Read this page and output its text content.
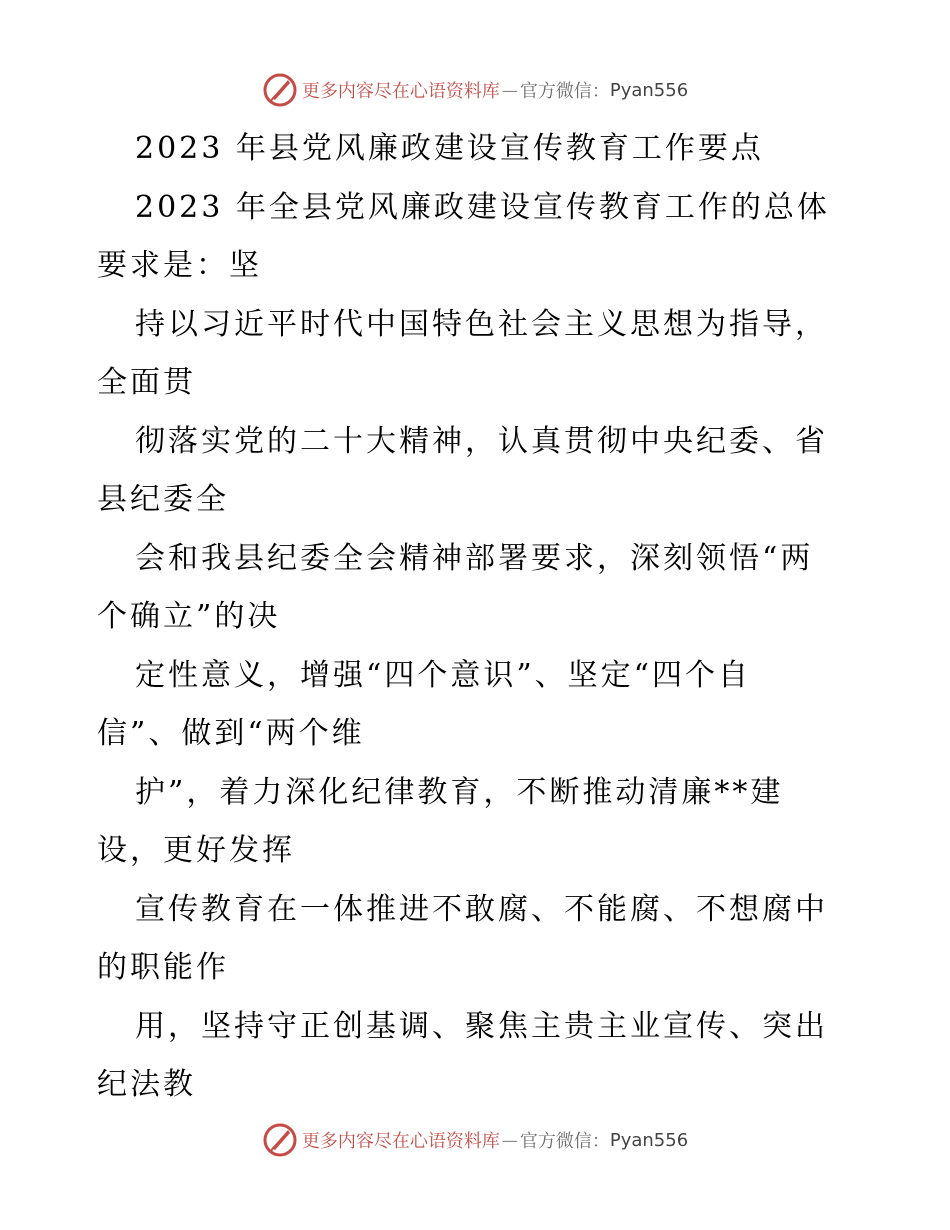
更多内容尽在心语资料库 — 官方微信： Pyan556
2023 年县党风廉政建设宣传教育工作要点
2023 年全县党风廉政建设宣传教育工作的总体
要求是：坚
持以习近平时代中国特色社会主义思想为指导，
全面贯
彻落实党的二十大精神，认真贯彻中央纪委、省
县纪委全
会和我县纪委全会精神部署要求，深刻领悟“两
个确立”的决
定性意义，增强“四个意识”、坚定“四个自
信”、做到“两个维
护”，着力深化纪律教育，不断推动清廉**建
设，更好发挥
宣传教育在一体推进不敢腐、不能腐、不想腐中
的职能作
用，坚持守正创基调、聚焦主贵主业宣传、突出
纪法教
更多内容尽在心语资料库 — 官方微信： Pyan556
